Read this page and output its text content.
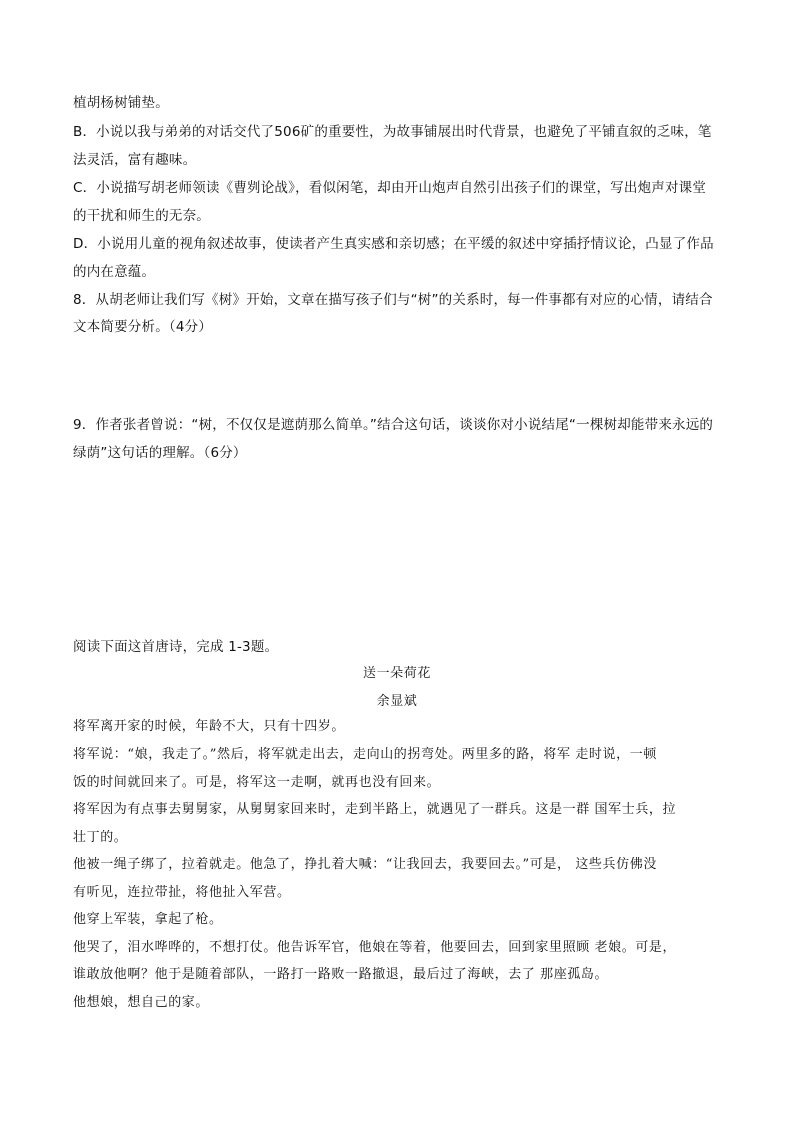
植胡杨树铺垫。
B．小说以我与弟弟的对话交代了506矿的重要性，为故事铺展出时代背景，也避免了平铺直叙的乏味，笔
法灵活，富有趣味。
C．小说描写胡老师领读《曹刿论战》，看似闲笔，却由开山炮声自然引出孩子们的课堂，写出炮声对课堂
的干扰和师生的无奈。
D．小说用儿童的视角叙述故事，使读者产生真实感和亲切感；在平缓的叙述中穿插抒情议论，凸显了作品
的内在意蕴。
8．从胡老师让我们写《树》开始，文章在描写孩子们与“树”的关系时，每一件事都有对应的心情，请结合
文本简要分析。（4分）
9．作者张者曾说：“树，不仅仅是遮荫那么简单。”结合这句话，谈谈你对小说结尾“一棵树却能带来永远的
绿荫”这句话的理解。（6分）
阅读下面这首唐诗，完成 1-3题。
送一朵荷花
余显斌
将军离开家的时候，年龄不大，只有十四岁。
将军说：“娘，我走了。”然后，将军就走出去，走向山的拐弯处。两里多的路，将军 走时说，一顿
饭的时间就回来了。可是，将军这一走啊，就再也没有回来。
将军因为有点事去舅舅家，从舅舅家回来时，走到半路上，就遇见了一群兵。这是一群 国军士兵，拉
壮丁的。
他被一绳子绑了，拉着就走。他急了，挣扎着大喊：“让我回去，我要回去。”可是， 这些兵仿佛没
有听见，连拉带扯，将他扯入军营。
他穿上军装，拿起了枪。
他哭了，泪水哗哗的，不想打仗。他告诉军官，他娘在等着，他要回去，回到家里照顾 老娘。可是，
谁敢放他啊？他于是随着部队，一路打一路败一路撤退，最后过了海峡，去了 那座孤岛。
他想娘，想自己的家。
